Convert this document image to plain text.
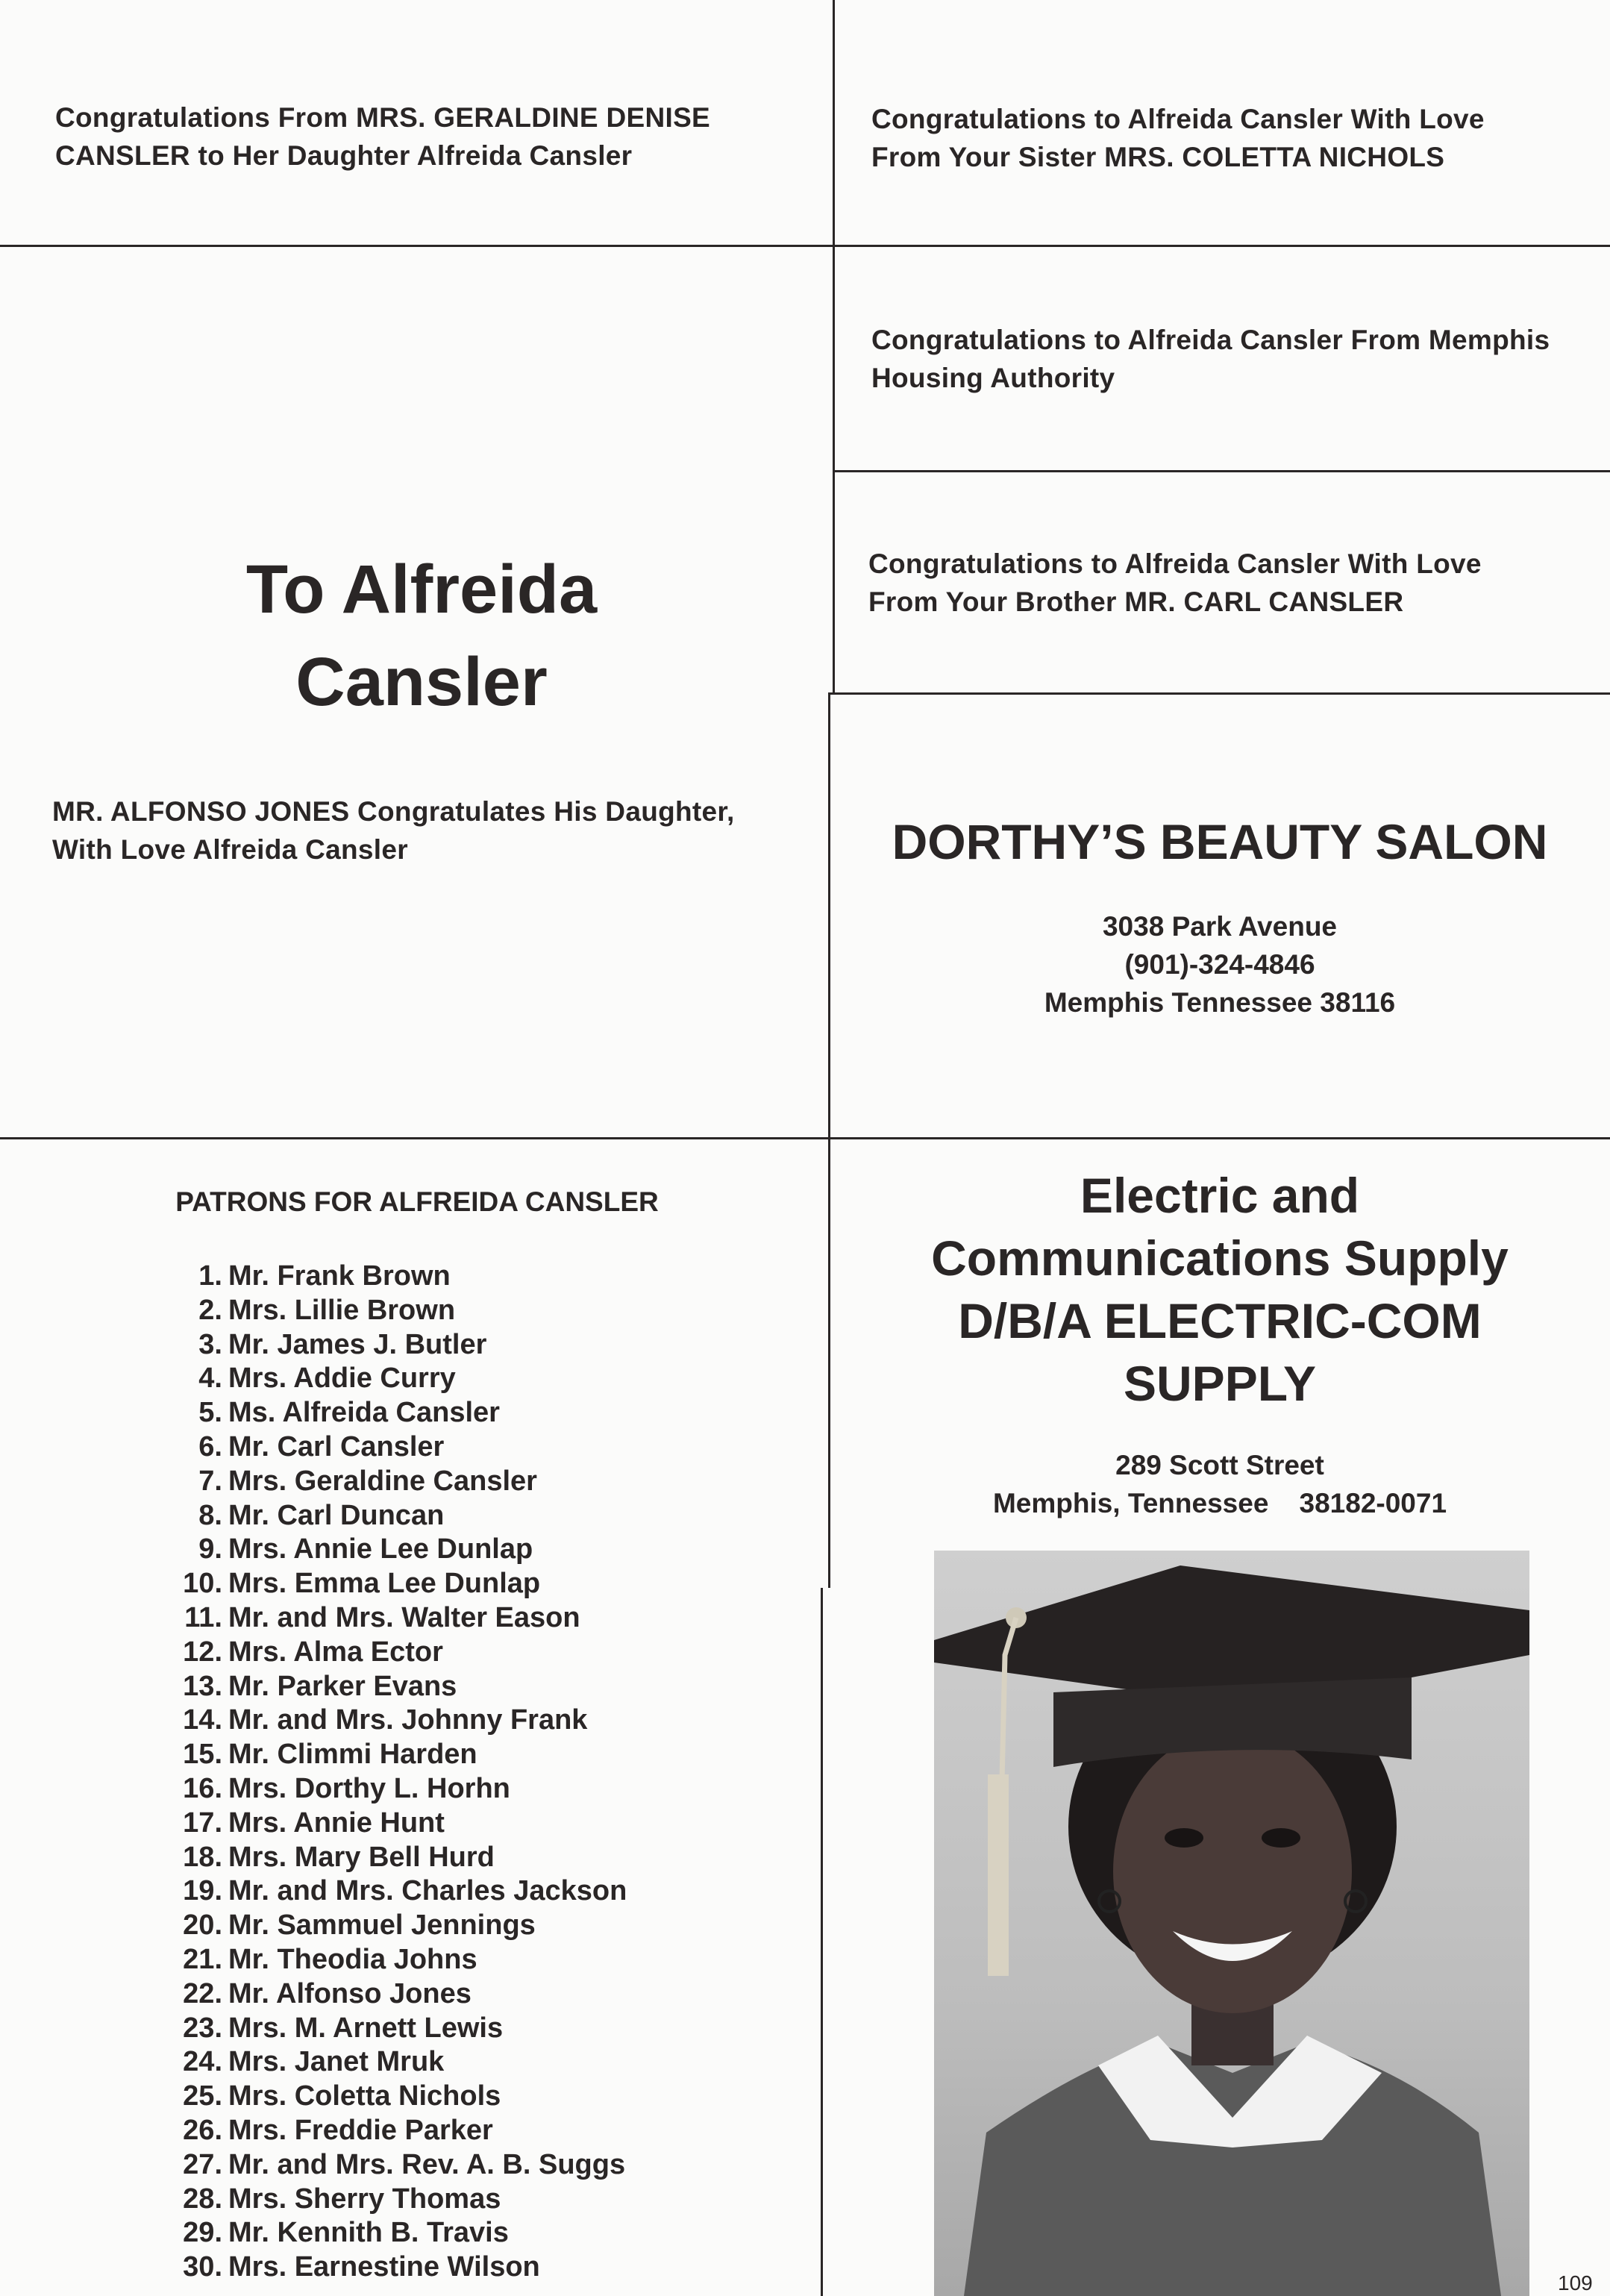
Congratulations From MRS. GERALDINE DENISE
CANSLER to Her Daughter Alfreida Cansler

Congratulations to Alfreida Cansler With Love
From Your Sister MRS. COLETTA NICHOLS

Congratulations to Alfreida Cansler From Memphis
Housing Authority

Congratulations to Alfreida Cansler With Love
From Your Brother MR. CARL CANSLER

To Alfreida
Cansler

MR. ALFONSO JONES Congratulates His Daughter,
With Love Alfreida Cansler	DORTHY’S BEAUTY SALON

3038 Park Avenue
(901)-324-4846
Memphis Tennessee 38116

PATRONS FOR ALFREIDA CANSLER

1. Mr. Frank Brown
2. Mrs. Lillie Brown
3. Mr. James J. Butler
4. Mrs. Addie Curry
5. Ms. Alfreida Cansler
6. Mr. Carl Cansler
7. Mrs. Geraldine Cansler
8. Mr. Carl Duncan
9. Mrs. Annie Lee Dunlap
10. Mrs. Emma Lee Dunlap
11. Mr. and Mrs. Walter Eason
12. Mrs. Alma Ector
13. Mr. Parker Evans
14. Mr. and Mrs. Johnny Frank
15. Mr. Climmi Harden
16. Mrs. Dorthy L. Horhn
17. Mrs. Annie Hunt
18. Mrs. Mary Bell Hurd
19. Mr. and Mrs. Charles Jackson
20. Mr. Sammuel Jennings
21. Mr. Theodia Johns
22. Mr. Alfonso Jones
23. Mrs. M. Arnett Lewis
24. Mrs. Janet Mruk
25. Mrs. Coletta Nichols
26. Mrs. Freddie Parker
27. Mr. and Mrs. Rev. A. B. Suggs
28. Mrs. Sherry Thomas
29. Mr. Kennith B. Travis
30. Mrs. Earnestine Wilson
Electric and
Communications Supply
D/B/A ELECTRIC-COM
SUPPLY

289 Scott Street
Memphis, Tennessee    38182-0071

109
